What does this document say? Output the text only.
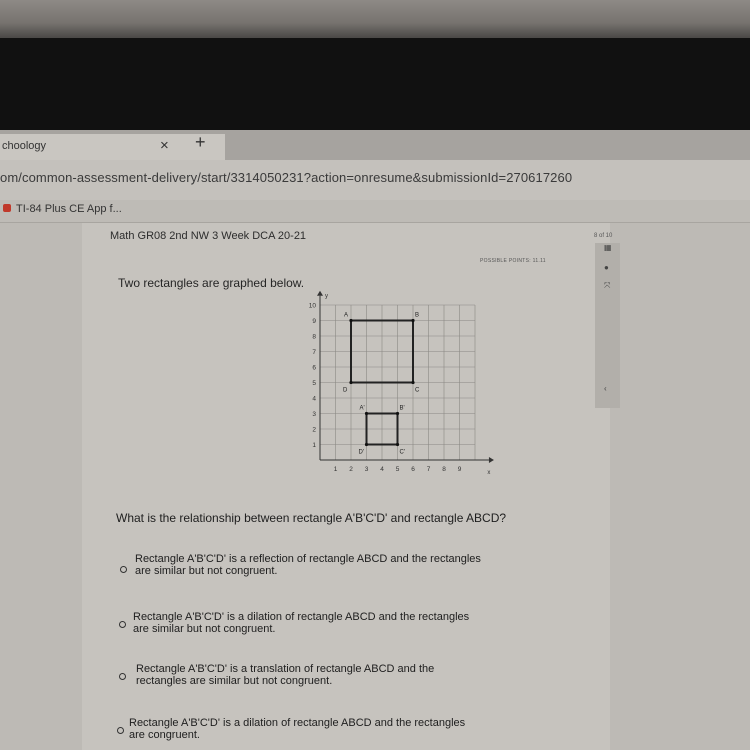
chool​ogy	× +
om/common-assessment-delivery/start/3314050231?action=onresume&submissionId=270617260
TI-84 Plus CE App f...
Math GR08 2nd NW 3 Week DCA 20-21	8 of 10
POSSIBLE POINTS: 11.11
▦
●
⤧
‹
Two rectangles are graphed below.
x
y
1 2 3 4 5 6 7 8 9
1
2
3
4
5
6
7
8
9
10
A	B
C
D
A'	B'
C'
D'
What is the relationship between rectangle A'B'C'D' and rectangle ABCD?
Rectangle A'B'C'D' is a reflection of rectangle ABCD and the rectangles
are similar but not congruent.
Rectangle A'B'C'D' is a dilation of rectangle ABCD and the rectangles
are similar but not congruent.
Rectangle A'B'C'D' is a translation of rectangle ABCD and the
rectangles are similar but not congruent.
Rectangle A'B'C'D' is a dilation of rectangle ABCD and the rectangles
are congruent.
